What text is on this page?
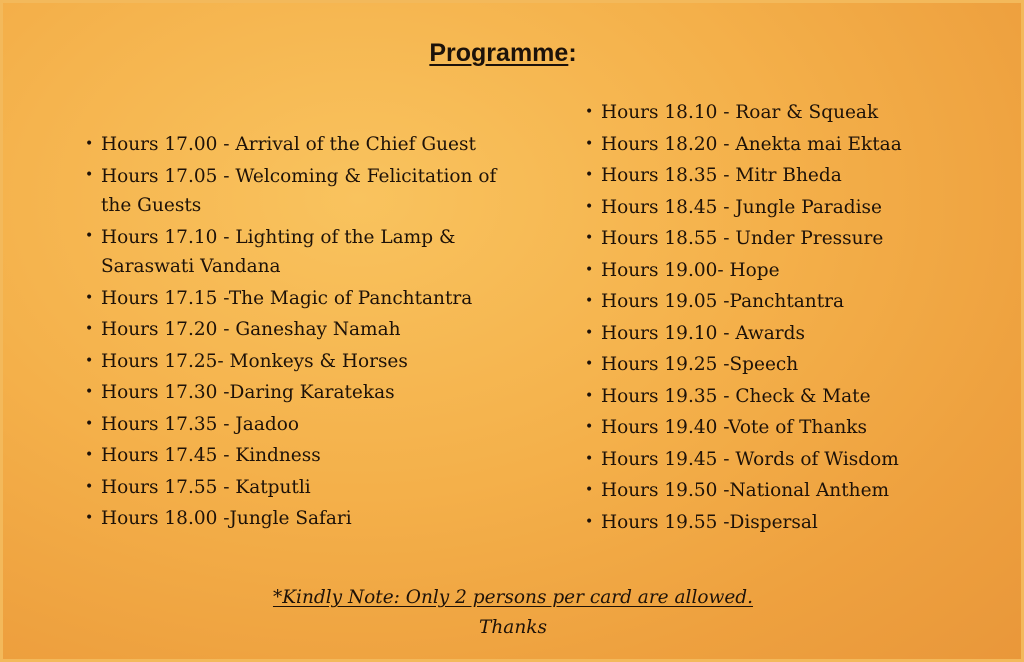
Programme:
• Hours 17.00 - Arrival of the Chief Guest
• Hours 17.05 - Welcoming & Felicitation of the Guests
• Hours 17.10 - Lighting of the Lamp & Saraswati Vandana
• Hours 17.15 -The Magic of Panchtantra
• Hours 17.20 - Ganeshay Namah
• Hours 17.25- Monkeys & Horses
• Hours 17.30 -Daring Karatekas
• Hours 17.35 - Jaadoo
• Hours 17.45 - Kindness
• Hours 17.55 - Katputli
• Hours 18.00 -Jungle Safari
• Hours 18.10 - Roar & Squeak
• Hours 18.20 - Anekta mai Ektaa
• Hours 18.35 - Mitr Bheda
• Hours 18.45 - Jungle Paradise
• Hours 18.55 - Under Pressure
• Hours 19.00- Hope
• Hours 19.05 -Panchtantra
• Hours 19.10 - Awards
• Hours 19.25 -Speech
• Hours 19.35 - Check & Mate
• Hours 19.40 -Vote of Thanks
• Hours 19.45 - Words of Wisdom
• Hours 19.50 -National Anthem
• Hours 19.55 -Dispersal
*Kindly Note: Only 2 persons per card are allowed.
Thanks
